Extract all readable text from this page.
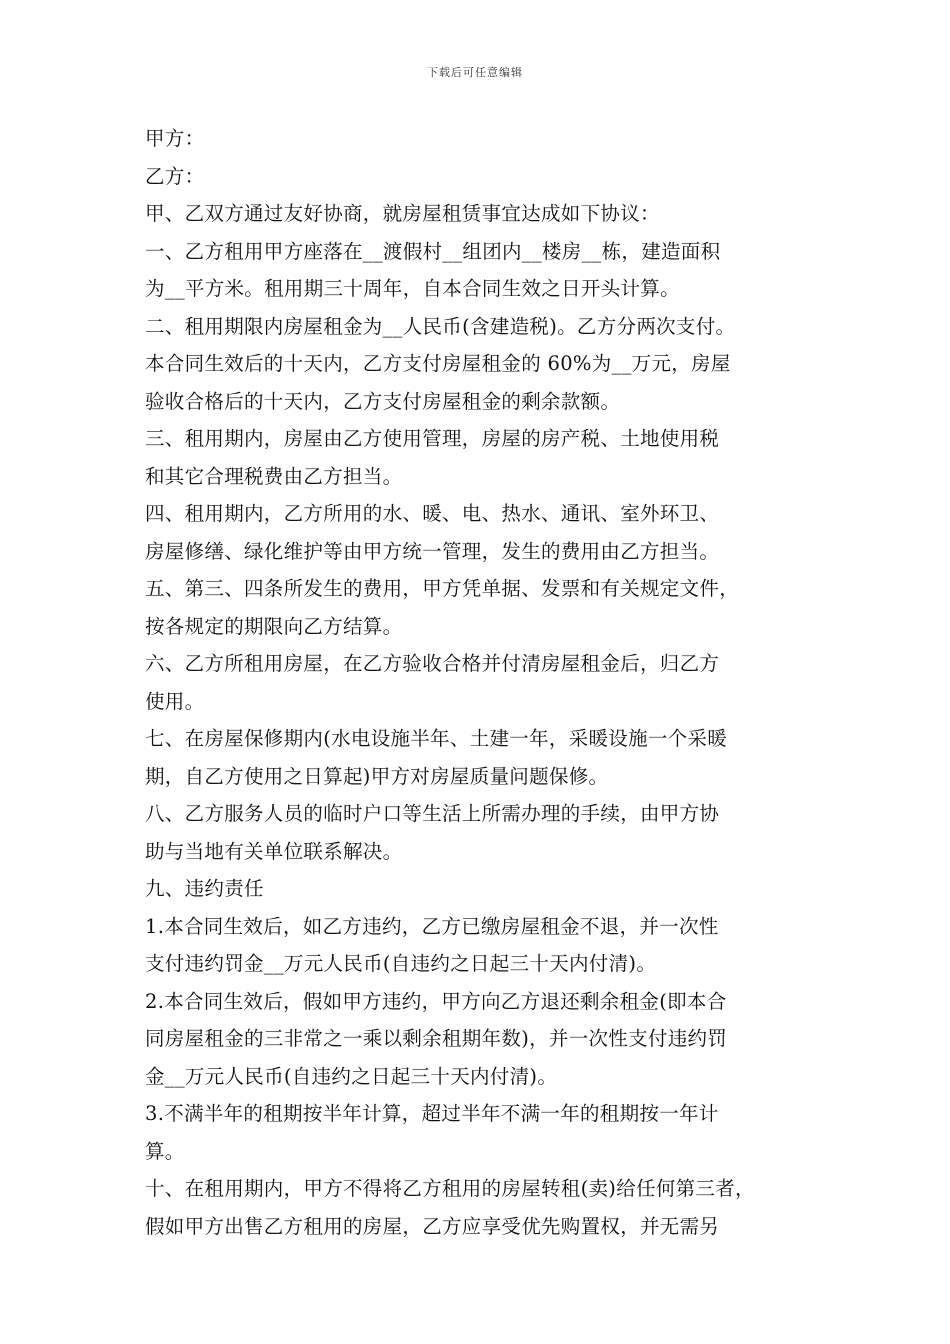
下载后可任意编辑
甲方：
乙方：
甲、乙双方通过友好协商，就房屋租赁事宜达成如下协议：
一、乙方租用甲方座落在__渡假村__组团内__楼房__栋，建造面积
为__平方米。租用期三十周年，自本合同生效之日开头计算。
二、租用期限内房屋租金为__人民币(含建造税)。乙方分两次支付。
本合同生效后的十天内，乙方支付房屋租金的 60%为__万元，房屋
验收合格后的十天内，乙方支付房屋租金的剩余款额。
三、租用期内，房屋由乙方使用管理，房屋的房产税、土地使用税
和其它合理税费由乙方担当。
四、租用期内，乙方所用的水、暖、电、热水、通讯、室外环卫、
房屋修缮、绿化维护等由甲方统一管理，发生的费用由乙方担当。
五、第三、四条所发生的费用，甲方凭单据、发票和有关规定文件，
按各规定的期限向乙方结算。
六、乙方所租用房屋，在乙方验收合格并付清房屋租金后，归乙方
使用。
七、在房屋保修期内(水电设施半年、土建一年，采暖设施一个采暖
期，自乙方使用之日算起)甲方对房屋质量问题保修。
八、乙方服务人员的临时户口等生活上所需办理的手续，由甲方协
助与当地有关单位联系解决。
九、违约责任
1.本合同生效后，如乙方违约，乙方已缴房屋租金不退，并一次性
支付违约罚金__万元人民币(自违约之日起三十天内付清)。
2.本合同生效后，假如甲方违约，甲方向乙方退还剩余租金(即本合
同房屋租金的三非常之一乘以剩余租期年数)，并一次性支付违约罚
金__万元人民币(自违约之日起三十天内付清)。
3.不满半年的租期按半年计算，超过半年不满一年的租期按一年计
算。
十、在租用期内，甲方不得将乙方租用的房屋转租(卖)给任何第三者，
假如甲方出售乙方租用的房屋，乙方应享受优先购置权，并无需另
